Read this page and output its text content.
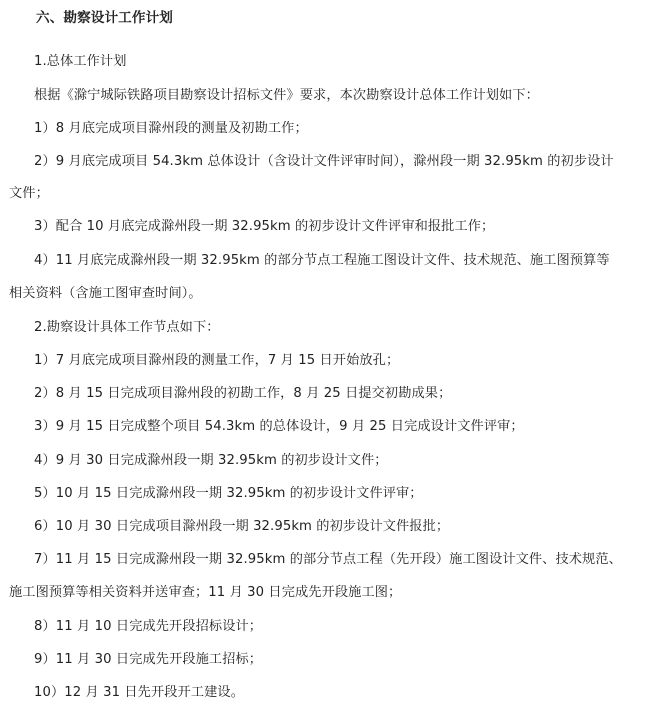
六、勘察设计工作计划
1.总体工作计划
根据《滁宁城际铁路项目勘察设计招标文件》要求，本次勘察设计总体工作计划如下：
1）8 月底完成项目滁州段的测量及初勘工作；
2）9 月底完成项目 54.3km 总体设计（含设计文件评审时间），滁州段一期 32.95km 的初步设计
文件；
3）配合 10 月底完成滁州段一期 32.95km 的初步设计文件评审和报批工作；
4）11 月底完成滁州段一期 32.95km 的部分节点工程施工图设计文件、技术规范、施工图预算等
相关资料（含施工图审查时间）。
2.勘察设计具体工作节点如下：
1）7 月底完成项目滁州段的测量工作，7 月 15 日开始放孔；
2）8 月 15 日完成项目滁州段的初勘工作，8 月 25 日提交初勘成果；
3）9 月 15 日完成整个项目 54.3km 的总体设计，9 月 25 日完成设计文件评审；
4）9 月 30 日完成滁州段一期 32.95km 的初步设计文件；
5）10 月 15 日完成滁州段一期 32.95km 的初步设计文件评审；
6）10 月 30 日完成项目滁州段一期 32.95km 的初步设计文件报批；
7）11 月 15 日完成滁州段一期 32.95km 的部分节点工程（先开段）施工图设计文件、技术规范、
施工图预算等相关资料并送审查；11 月 30 日完成先开段施工图；
8）11 月 10 日完成先开段招标设计；
9）11 月 30 日完成先开段施工招标；
10）12 月 31 日先开段开工建设。
